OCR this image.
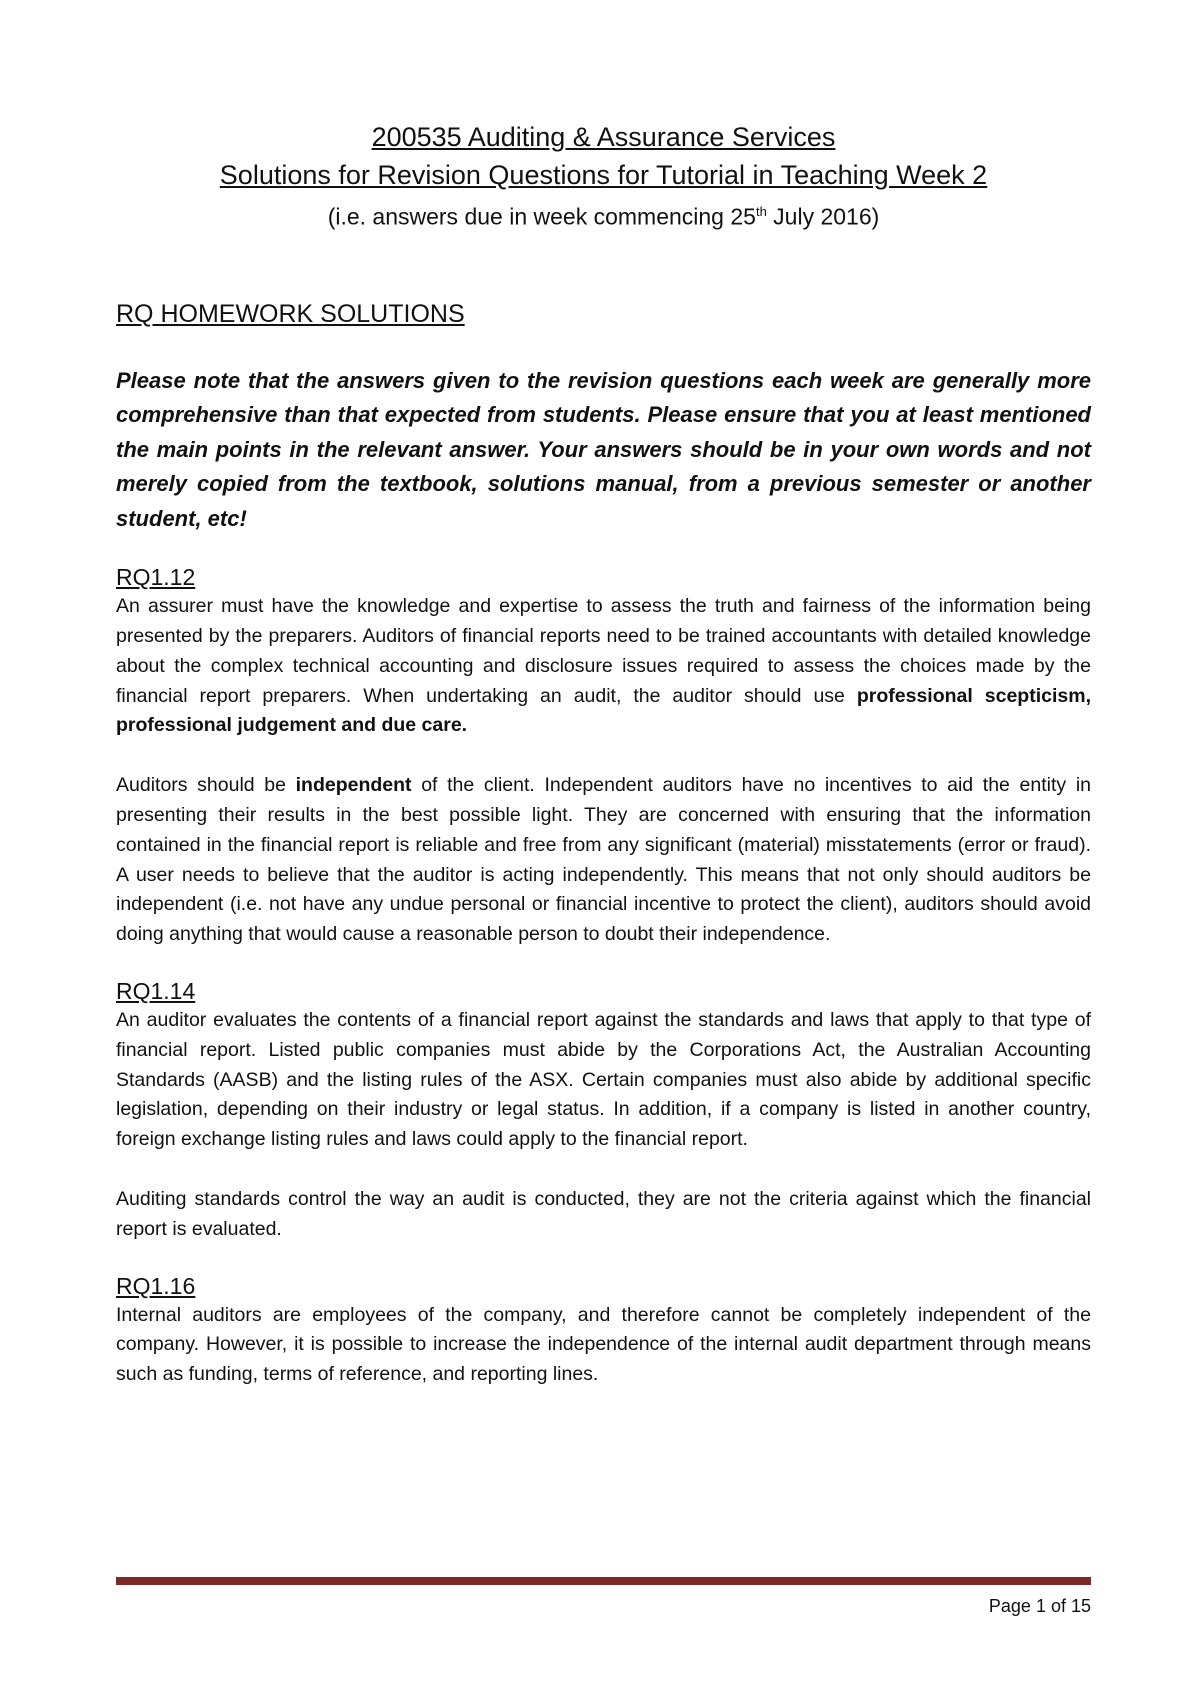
200535 Auditing & Assurance Services

Solutions for Revision Questions for Tutorial in Teaching Week 2

(i.e. answers due in week commencing 25th July 2016)

RQ HOMEWORK SOLUTIONS

Please note that the answers given to the revision questions each week are generally more comprehensive than that expected from students. Please ensure that you at least mentioned the main points in the relevant answer. Your answers should be in your own words and not merely copied from the textbook, solutions manual, from a previous semester or another student, etc!

RQ1.12

An assurer must have the knowledge and expertise to assess the truth and fairness of the information being presented by the preparers. Auditors of financial reports need to be trained accountants with detailed knowledge about the complex technical accounting and disclosure issues required to assess the choices made by the financial report preparers. When undertaking an audit, the auditor should use professional scepticism, professional judgement and due care.

Auditors should be independent of the client. Independent auditors have no incentives to aid the entity in presenting their results in the best possible light. They are concerned with ensuring that the information contained in the financial report is reliable and free from any significant (material) misstatements (error or fraud). A user needs to believe that the auditor is acting independently. This means that not only should auditors be independent (i.e. not have any undue personal or financial incentive to protect the client), auditors should avoid doing anything that would cause a reasonable person to doubt their independence.

RQ1.14

An auditor evaluates the contents of a financial report against the standards and laws that apply to that type of financial report. Listed public companies must abide by the Corporations Act, the Australian Accounting Standards (AASB) and the listing rules of the ASX. Certain companies must also abide by additional specific legislation, depending on their industry or legal status. In addition, if a company is listed in another country, foreign exchange listing rules and laws could apply to the financial report.

Auditing standards control the way an audit is conducted, they are not the criteria against which the financial report is evaluated.

RQ1.16

Internal auditors are employees of the company, and therefore cannot be completely independent of the company. However, it is possible to increase the independence of the internal audit department through means such as funding, terms of reference, and reporting lines.

Page 1 of 15
